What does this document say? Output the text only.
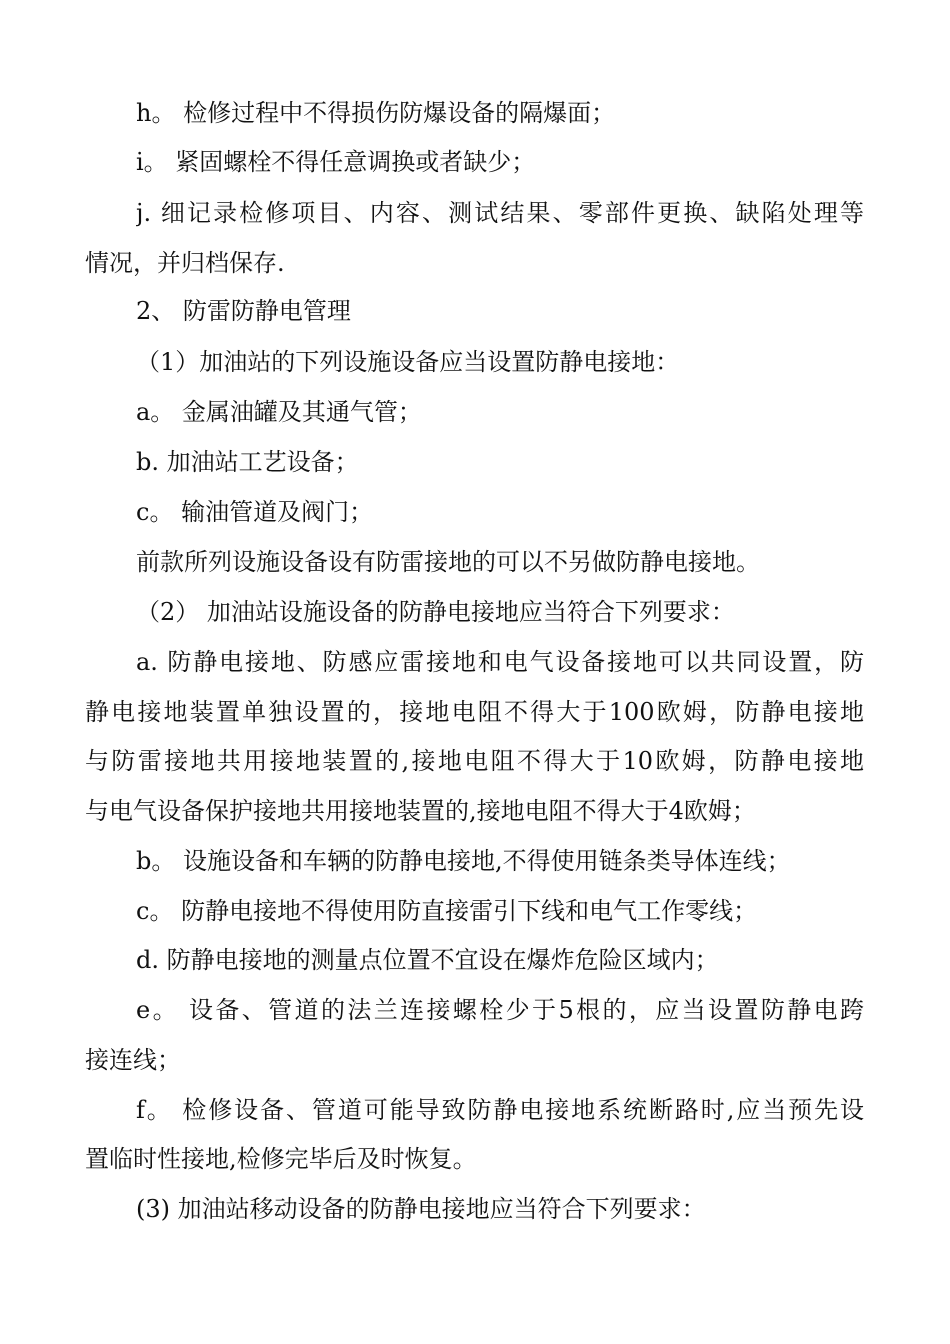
h。 检修过程中不得损伤防爆设备的隔爆面；
i。 紧固螺栓不得任意调换或者缺少；
j. 细记录检修项目、内容、测试结果、零部件更换、缺陷处理等
情况，并归档保存.
2、 防雷防静电管理
（1）加油站的下列设施设备应当设置防静电接地：
a。 金属油罐及其通气管；
b. 加油站工艺设备；
c。 输油管道及阀门；
前款所列设施设备设有防雷接地的可以不另做防静电接地。
（2） 加油站设施设备的防静电接地应当符合下列要求：
a. 防静电接地、防感应雷接地和电气设备接地可以共同设置，防
静电接地装置单独设置的，接地电阻不得大于100欧姆，防静电接地
与防雷接地共用接地装置的,接地电阻不得大于10欧姆，防静电接地
与电气设备保护接地共用接地装置的,接地电阻不得大于4欧姆；
b。 设施设备和车辆的防静电接地,不得使用链条类导体连线；
c。 防静电接地不得使用防直接雷引下线和电气工作零线；
d. 防静电接地的测量点位置不宜设在爆炸危险区域内；
e。 设备、管道的法兰连接螺栓少于5根的，应当设置防静电跨
接连线；
f。 检修设备、管道可能导致防静电接地系统断路时,应当预先设
置临时性接地,检修完毕后及时恢复。
(3) 加油站移动设备的防静电接地应当符合下列要求：
